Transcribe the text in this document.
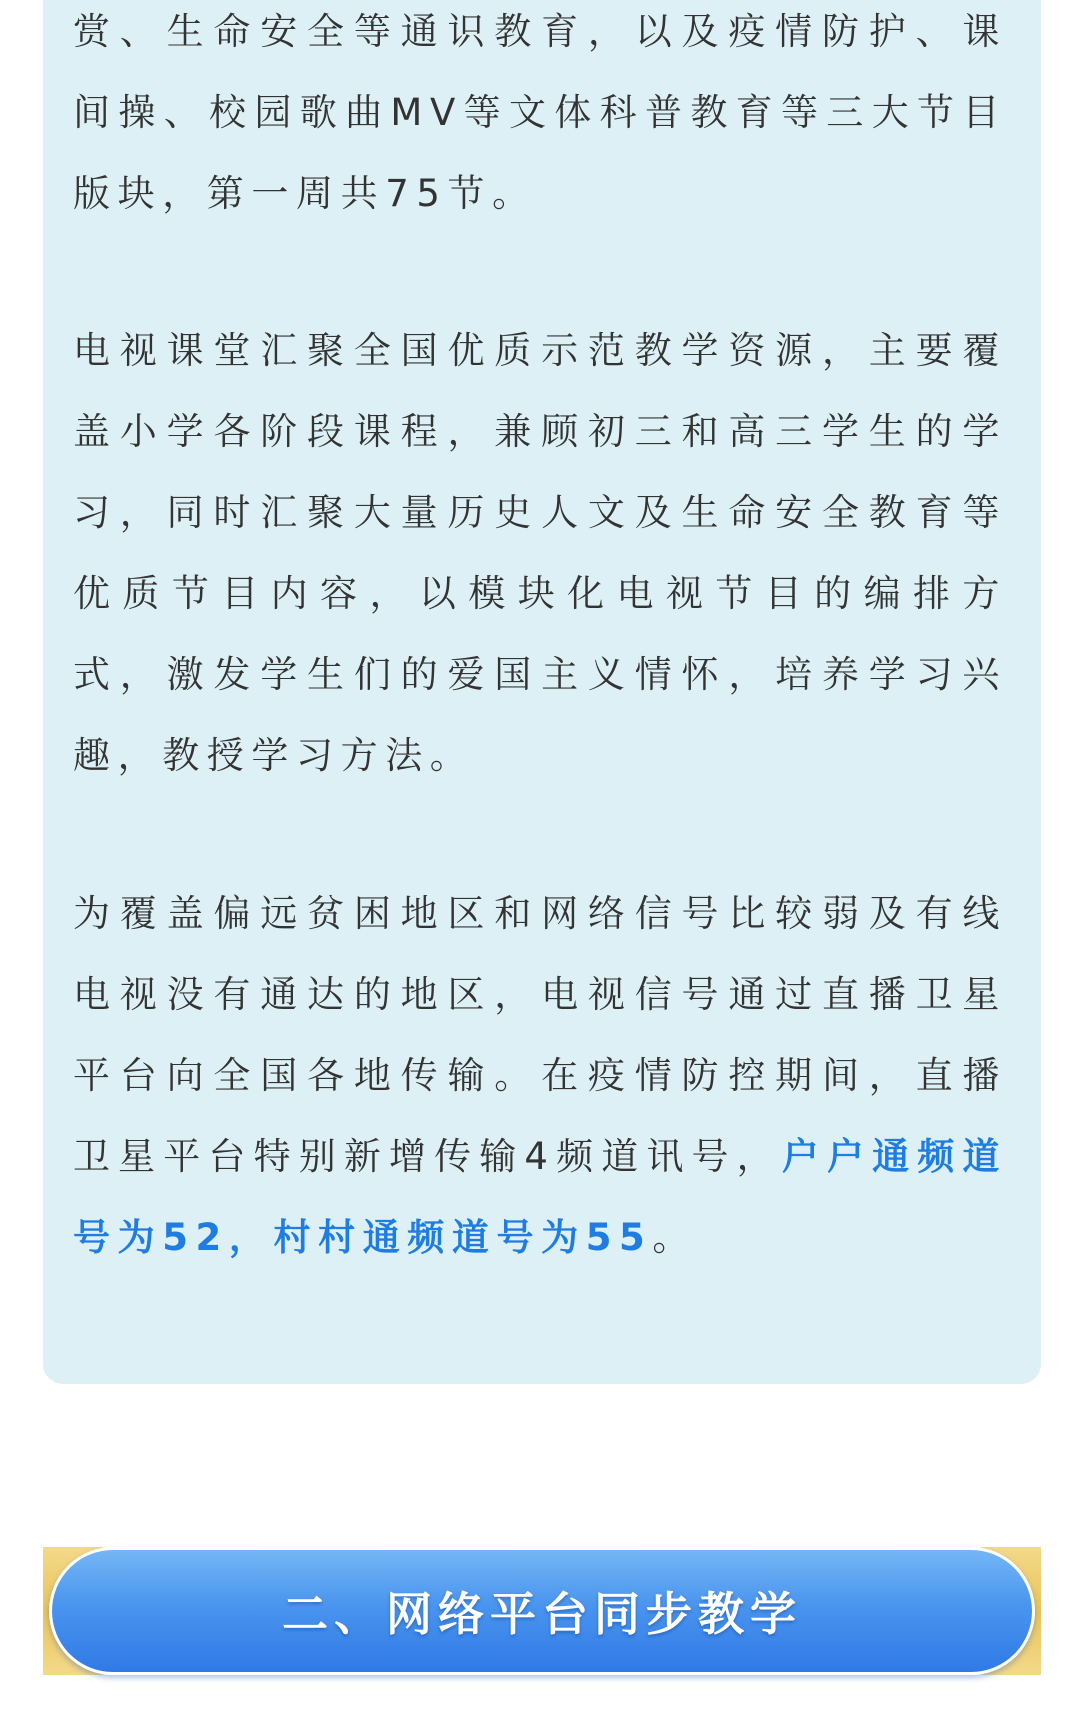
赏、生命安全等通识教育，以及疫情防护、课间操、校园歌曲MV等文体科普教育等三大节目版块，第一周共75节。

电视课堂汇聚全国优质示范教学资源，主要覆盖小学各阶段课程，兼顾初三和高三学生的学习，同时汇聚大量历史人文及生命安全教育等优质节目内容，以模块化电视节目的编排方式，激发学生们的爱国主义情怀，培养学习兴趣，教授学习方法。

为覆盖偏远贫困地区和网络信号比较弱及有线电视没有通达的地区，电视信号通过直播卫星平台向全国各地传输。在疫情防控期间，直播卫星平台特别新增传输4频道讯号，户户通频道号为52，村村通频道号为55。

二、网络平台同步教学
